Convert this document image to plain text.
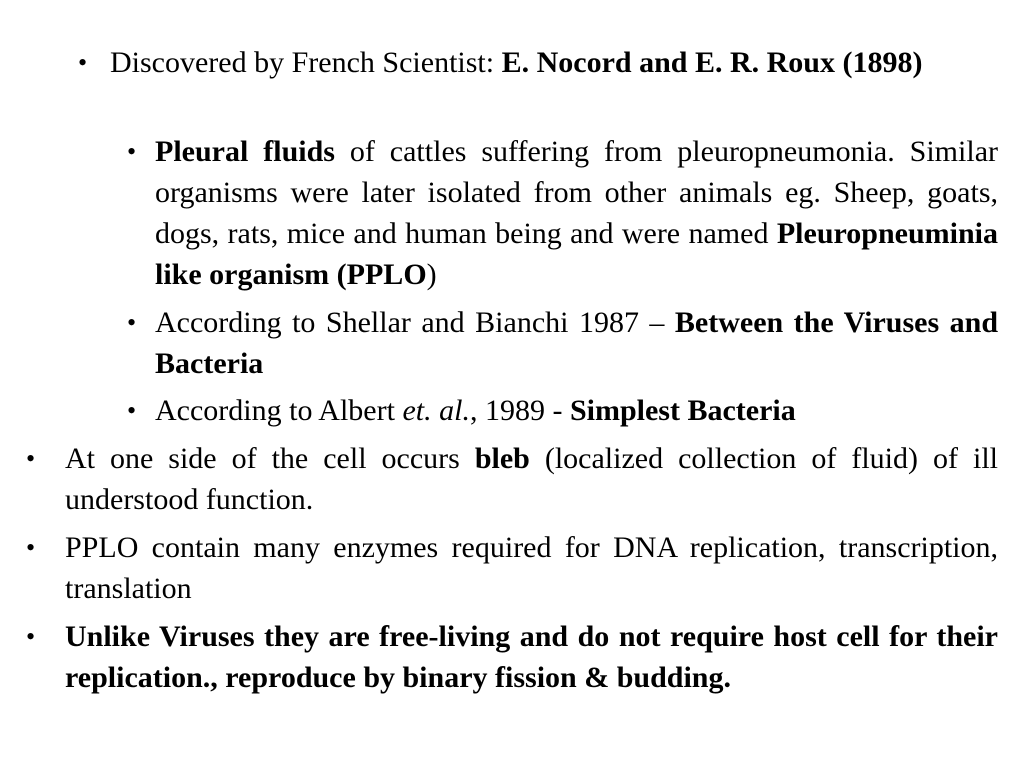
• Discovered by French Scientist: E. Nocord and E. R. Roux (1898)
• Pleural fluids of cattles suffering from pleuropneumonia. Similar organisms were later isolated from other animals eg. Sheep, goats, dogs, rats, mice and human being and were named Pleuropneuminia like organism (PPLO)
• According to Shellar and Bianchi 1987 – Between the Viruses and Bacteria
• According to Albert et. al., 1989 - Simplest Bacteria
• At one side of the cell occurs bleb (localized collection of fluid) of ill understood function.
• PPLO contain many enzymes required for DNA replication, transcription, translation
• Unlike Viruses they are free-living and do not require host cell for their replication., reproduce by binary fission & budding.
